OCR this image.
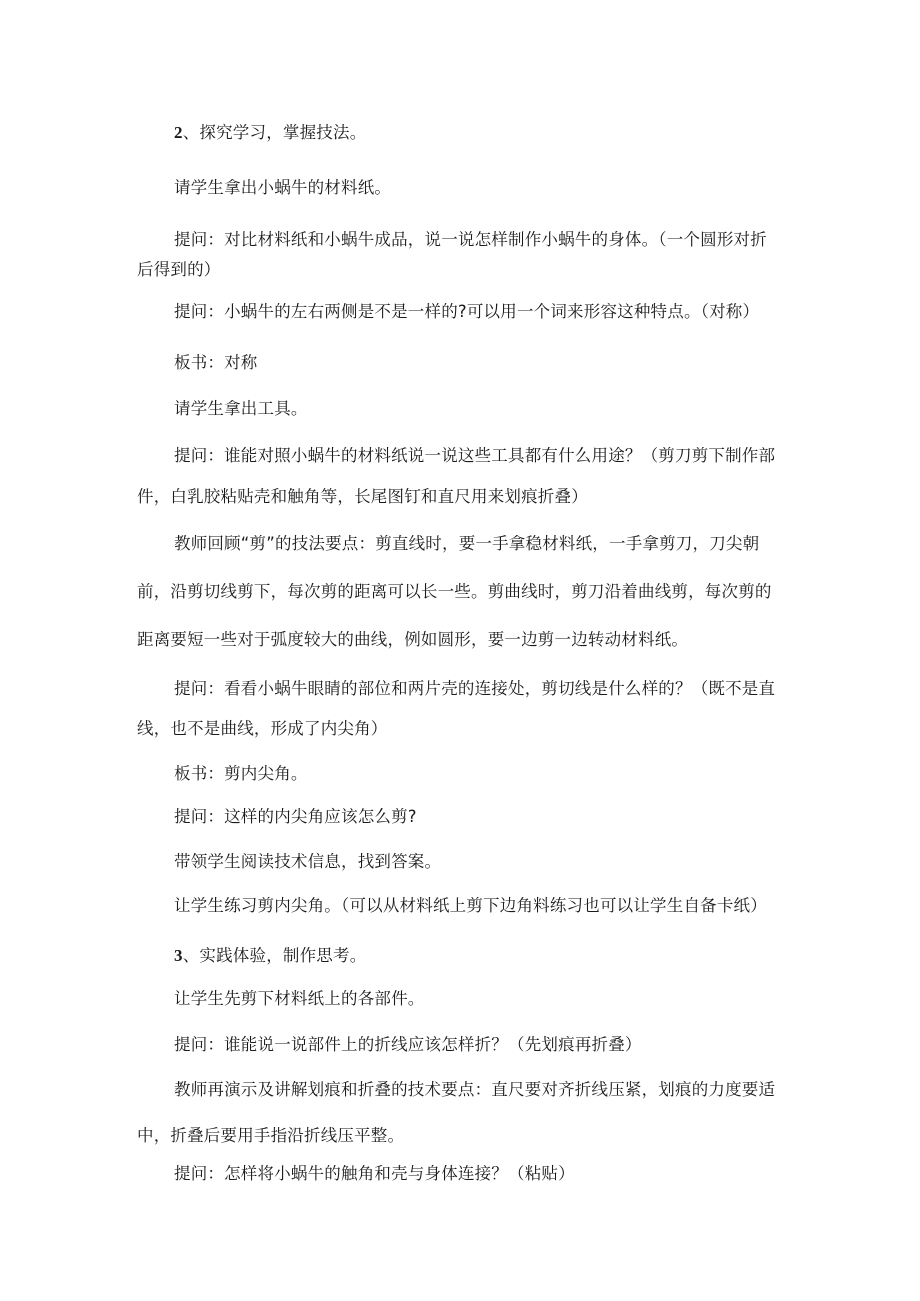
2、探究学习，掌握技法。
请学生拿出小蜗牛的材料纸。
提问：对比材料纸和小蜗牛成品，说一说怎样制作小蜗牛的身体。（一个圆形对折
后得到的）
提问：小蜗牛的左右两侧是不是一样的?可以用一个词来形容这种特点。（对称）
板书：对称
请学生拿出工具。
提问：谁能对照小蜗牛的材料纸说一说这些工具都有什么用途？（剪刀剪下制作部
件，白乳胶粘贴壳和触角等，长尾图钉和直尺用来划痕折叠）
教师回顾“剪”的技法要点：剪直线时，要一手拿稳材料纸，一手拿剪刀，刀尖朝
前，沿剪切线剪下，每次剪的距离可以长一些。剪曲线时，剪刀沿着曲线剪，每次剪的
距离要短一些对于弧度较大的曲线，例如圆形，要一边剪一边转动材料纸。
提问：看看小蜗牛眼睛的部位和两片壳的连接处，剪切线是什么样的？（既不是直
线，也不是曲线，形成了内尖角）
板书：剪内尖角。
提问：这样的内尖角应该怎么剪?
带领学生阅读技术信息，找到答案。
让学生练习剪内尖角。（可以从材料纸上剪下边角料练习也可以让学生自备卡纸）
3、实践体验，制作思考。
让学生先剪下材料纸上的各部件。
提问：谁能说一说部件上的折线应该怎样折？（先划痕再折叠）
教师再演示及讲解划痕和折叠的技术要点：直尺要对齐折线压紧，划痕的力度要适
中，折叠后要用手指沿折线压平整。
提问：怎样将小蜗牛的触角和壳与身体连接？（粘贴）
